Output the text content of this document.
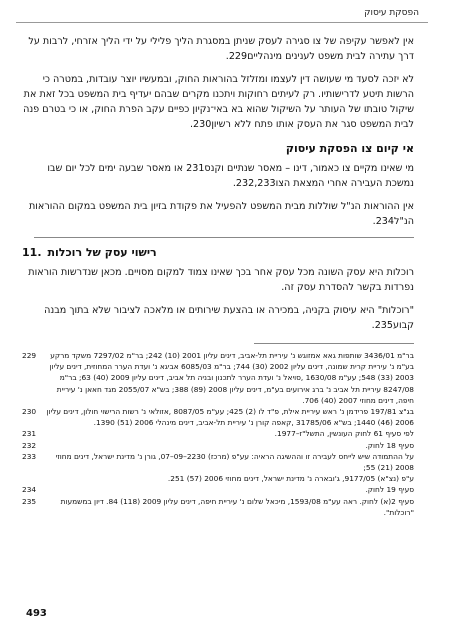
הפסקת עיסוק

אין לאפשר עקיפה של צו סגירה לעסק שניתן במסגרת הליך פלילי על ידי הליך אזרחי, לרבות על דרך עתירה לבית משפט לענינים מינהליים229.

לא יזכה לסעד מי שעושה דין לעצמו ומזלזל בהוראות החוק, ובמעשיו יוצר עובדות, במטרה כי הרשות תיטע לדרישותיו. רק לעיתים רחוקות ויתכנו מקרים שבהם יעדיף בית המשפט בכל זאת את שיקול טובתו של העותר על השיקול שהוא בא באי־נקיון כפיים עקב הפרת החוק, או כי בטרם פנה לבית המשפט סגר את העסק אותו פתח ללא רשיון230.

אי קיום צו הפסקת עיסוק

מי שאינו מקיים צו כאמור, דינו – מאסר שנתיים וקנס231 או מאסר שבעה ימים לכל יום שבו נמשכת העבירה אחרי המצאת הצו232,233.

אין ההוראות הנ"ל שוללות מבית המשפט להפעיל את פקודת בזיון בית המשפט במקום ההוראות הנ"ל234.

.11 רישוי עסק של רוכלות

רוכלות היא עסק השונה מכל עסק אחר בכך שאינו צמוד למקום מסויים. מכאן שנדרשות הוראות נפרדות בקשר להסדרת עסק זה.

"רוכלות" היא עיסוק בקניה, במכירה או בהצעת שירותים או מלאכה לציבור שלא בתוך מבנה קבוע235.

229	בר"מ 3436/01 שותפות גאא אמזוגש נ' עיריית תל-אביב, דינים עליון 2001 (10) 242; בר"מ 7297/02 משקד מרקע בע"מ נ' עיריית קרית שמונה, דינים עליון 2002 (30) 744; בר"מ 6085/03 אביגא נ' ועדת הערר המחוזית, דינים עליון 2003 (33) 548; עע"מ 1630/08 ,סויאל נ' ועדת הערר לתכנון ובניה תל אביב, דינים עליון 2009 (40) 63; בר"מ 8247/08 עיריית תל אביב נ' ברג אירועים בע"מ, דינים עליון 2008 (89) 388; בש"א 2055/07 מגד חאאן נ' עיריית חיפה, דינים מחוזי 2007 (40) 706.
230	בג"צ 197/81 פרידמן נ' ראש עיריית אילת, פ"ד לו (2) 425; עע"מ 8087/05 ,אזולאי נ' רשות הרישוי חולון, דינים עליון 2006 (46) 1440; בש"א 31785/06 ,קאפה קורן נ' עיריית תל-אביב, דינים מינהלי 2006 (51) 1390.
231	לפי סעיף 61 לחוק העונשין, התשל"ז–1977.
232	סעיף 18 לחוק.
233	על ההתמודה שיש לייחס לעבירה זו וההשיגה הראיה: עע"פ (מרכז) 2230–09–07, גורן נ' מדינת ישראל, דינים מחוזי 2008 (21) 55;
ע"פ (נצ"א) 9177/05, ג'ובארה נ' מדינת ישראל, דינים מחוזי 2006 (57) 251.
234	סעיף 19 לחוק.
235	סעיף 2(א) לחוק. ראה עע"מ 1593/08, מיכאל שלום נ' עיריית חיפה, דינים עליון 2009 (118) 84. דיון במשמעות "רוכלות".
493
